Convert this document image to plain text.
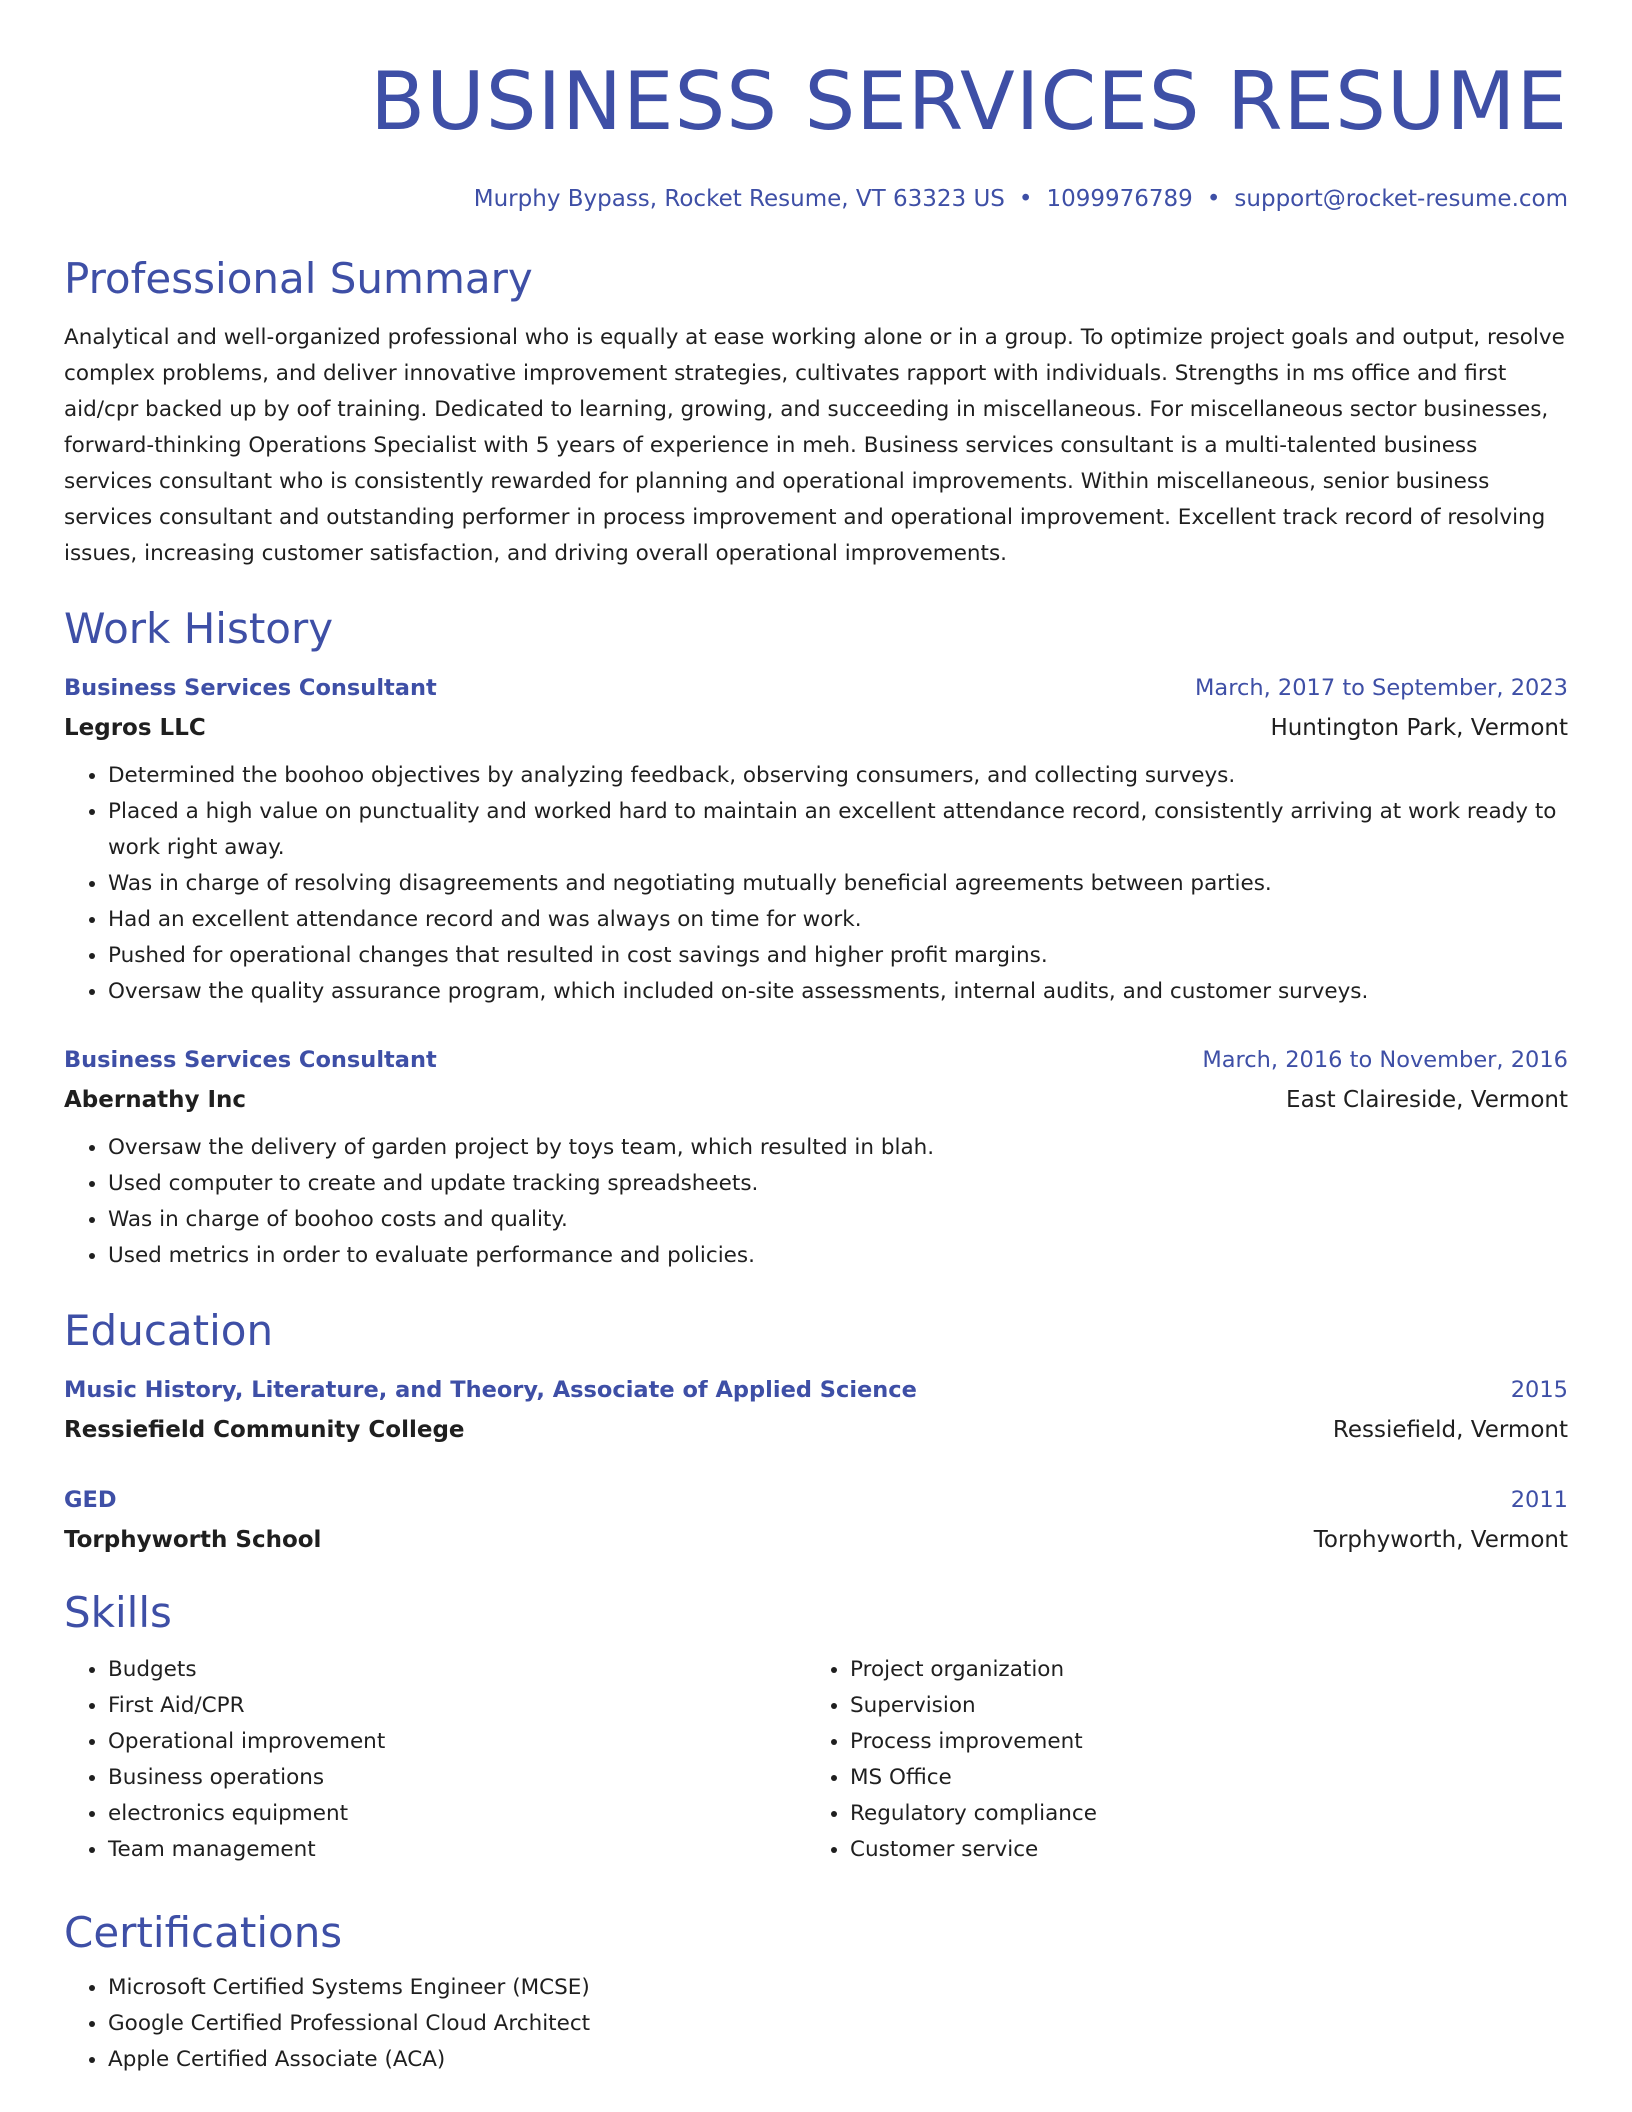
BUSINESS SERVICES RESUME
Murphy Bypass, Rocket Resume, VT 63323 US • 1099976789 • support@rocket-resume.com
Professional Summary

Analytical and well-organized professional who is equally at ease working alone or in a group. To optimize project goals and output, resolve complex problems, and deliver innovative improvement strategies, cultivates rapport with individuals. Strengths in ms office and first aid/cpr backed up by oof training. Dedicated to learning, growing, and succeeding in miscellaneous. For miscellaneous sector businesses, forward-thinking Operations Specialist with 5 years of experience in meh. Business services consultant is a multi-talented business services consultant who is consistently rewarded for planning and operational improvements. Within miscellaneous, senior business services consultant and outstanding performer in process improvement and operational improvement. Excellent track record of resolving issues, increasing customer satisfaction, and driving overall operational improvements.

Work History
Business Services Consultant	March, 2017 to September, 2023
Legros LLC	Huntington Park, Vermont
• Determined the boohoo objectives by analyzing feedback, observing consumers, and collecting surveys.
• Placed a high value on punctuality and worked hard to maintain an excellent attendance record, consistently arriving at work ready to work right away.
• Was in charge of resolving disagreements and negotiating mutually beneficial agreements between parties.
• Had an excellent attendance record and was always on time for work.
• Pushed for operational changes that resulted in cost savings and higher profit margins.
• Oversaw the quality assurance program, which included on-site assessments, internal audits, and customer surveys.
Business Services Consultant	March, 2016 to November, 2016
Abernathy Inc	East Claireside, Vermont
• Oversaw the delivery of garden project by toys team, which resulted in blah.
• Used computer to create and update tracking spreadsheets.
• Was in charge of boohoo costs and quality.
• Used metrics in order to evaluate performance and policies.
Education
Music History, Literature, and Theory, Associate of Applied Science	2015
Ressiefield Community College	Ressiefield, Vermont
GED	2011
Torphyworth School	Torphyworth, Vermont
Skills
• Budgets
• First Aid/CPR
• Operational improvement
• Business operations
• electronics equipment
• Team management
• Project organization
• Supervision
• Process improvement
• MS Office
• Regulatory compliance
• Customer service
Certifications
• Microsoft Certified Systems Engineer (MCSE)
• Google Certified Professional Cloud Architect
• Apple Certified Associate (ACA)
